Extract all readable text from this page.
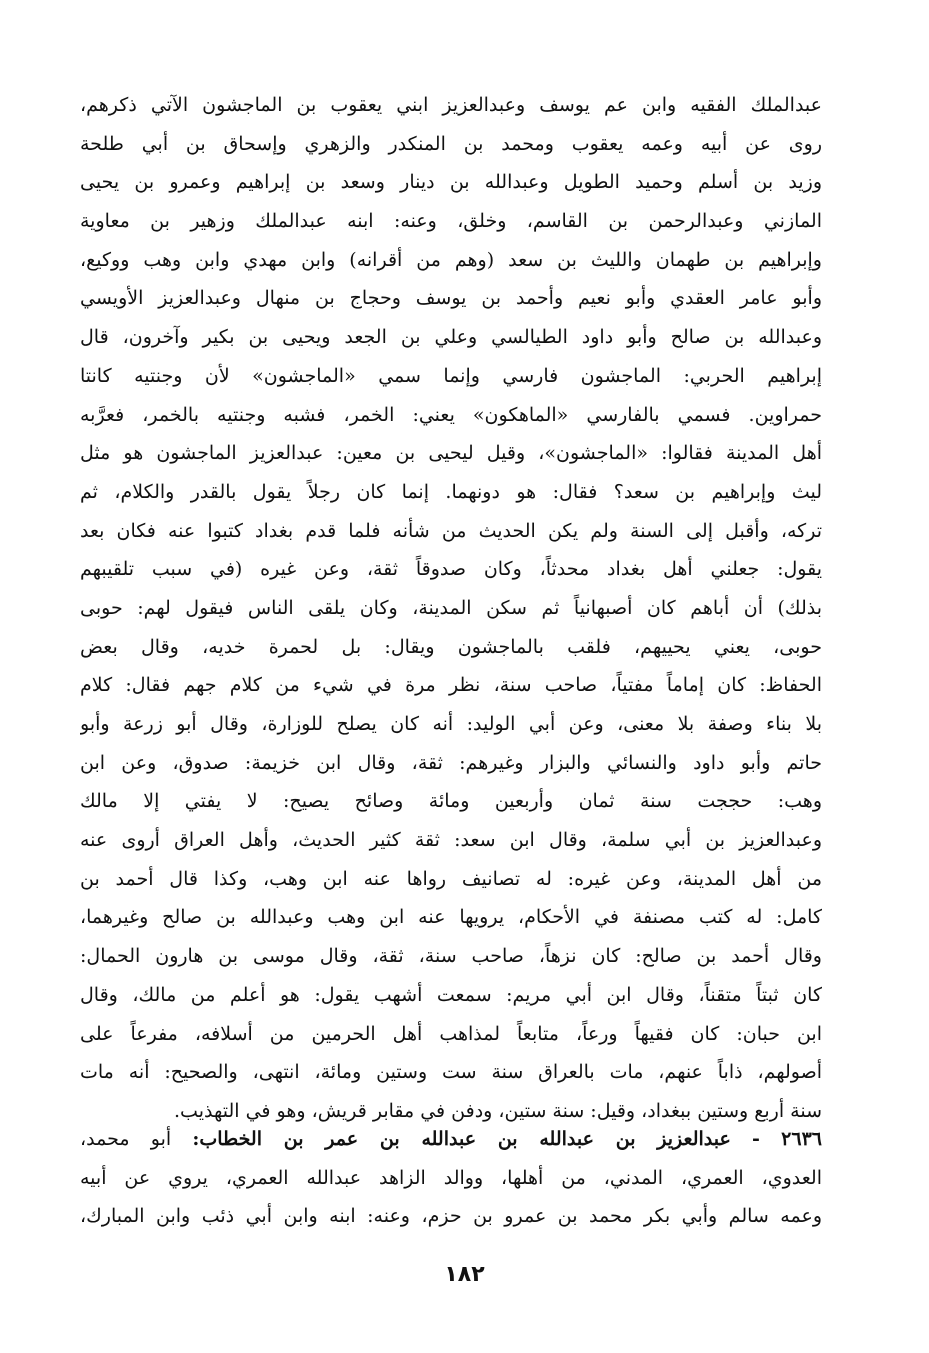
عبدالملك الفقيه وابن عم يوسف وعبدالعزيز ابني يعقوب بن الماجشون الآتي ذكرهم،
روى عن أبيه وعمه يعقوب ومحمد بن المنكدر والزهري وإسحاق بن أبي طلحة
وزيد بن أسلم وحميد الطويل وعبدالله بن دينار وسعد بن إبراهيم وعمرو بن يحيى
المازني وعبدالرحمن بن القاسم، وخلق، وعنه: ابنه عبدالملك وزهير بن معاوية
وإبراهيم بن طهمان والليث بن سعد (وهم من أقرانه) وابن مهدي وابن وهب ووكيع،
وأبو عامر العقدي وأبو نعيم وأحمد بن يوسف وحجاج بن منهال وعبدالعزيز الأويسي
وعبدالله بن صالح وأبو داود الطيالسي وعلي بن الجعد ويحيى بن بكير وآخرون، قال
إبراهيم الحربي: الماجشون فارسي وإنما سمي «الماجشون» لأن وجنتيه كانتا
حمراوين. فسمي بالفارسي «الماهكون» يعني: الخمر، فشبه وجنتيه بالخمر، فعرَّبه
أهل المدينة فقالوا: «الماجشون»، وقيل ليحيى بن معين: عبدالعزيز الماجشون هو مثل
ليث وإبراهيم بن سعد؟ فقال: هو دونهما. إنما كان رجلاً يقول بالقدر والكلام، ثم
تركه، وأقبل إلى السنة ولم يكن الحديث من شأنه فلما قدم بغداد كتبوا عنه فكان بعد
يقول: جعلني أهل بغداد محدثاً، وكان صدوقاً ثقة، وعن غيره (في سبب تلقيبهم
بذلك) أن أباهم كان أصبهانياً ثم سكن المدينة، وكان يلقى الناس فيقول لهم: حوبى
حوبى، يعني يحييهم، فلقب بالماجشون ويقال: بل لحمرة خديه، وقال بعض
الحفاظ: كان إماماً مفتياً، صاحب سنة، نظر مرة في شيء من كلام جهم فقال: كلام
بلا بناء وصفة بلا معنى، وعن أبي الوليد: أنه كان يصلح للوزارة، وقال أبو زرعة وأبو
حاتم وأبو داود والنسائي والبزار وغيرهم: ثقة، وقال ابن خزيمة: صدوق، وعن ابن
وهب: حججت سنة ثمان وأربعين ومائة وصائح يصيح: لا يفتي إلا مالك
وعبدالعزيز بن أبي سلمة، وقال ابن سعد: ثقة كثير الحديث، وأهل العراق أروى عنه
من أهل المدينة، وعن غيره: له تصانيف رواها عنه ابن وهب، وكذا قال أحمد بن
كامل: له كتب مصنفة في الأحكام، يرويها عنه ابن وهب وعبدالله بن صالح وغيرهما،
وقال أحمد بن صالح: كان نزهاً، صاحب سنة، ثقة، وقال موسى بن هارون الحمال:
كان ثبتاً متقناً، وقال ابن أبي مريم: سمعت أشهب يقول: هو أعلم من مالك، وقال
ابن حبان: كان فقيهاً ورعاً، متابعاً لمذاهب أهل الحرمين من أسلافه، مفرعاً على
أصولهم، ذاباً عنهم، مات بالعراق سنة ست وستين ومائة، انتهى، والصحيح: أنه مات
سنة أربع وستين ببغداد، وقيل: سنة ستين، ودفن في مقابر قريش، وهو في التهذيب.
٢٦٣٦ - عبدالعزيز بن عبدالله بن عبدالله بن عمر بن الخطاب: أبو محمد،
العدوي، العمري، المدني، من أهلها، ووالد الزاهد عبدالله العمري، يروي عن أبيه
وعمه سالم وأبي بكر محمد بن عمرو بن حزم، وعنه: ابنه وابن أبي ذئب وابن المبارك،
١٨٢
